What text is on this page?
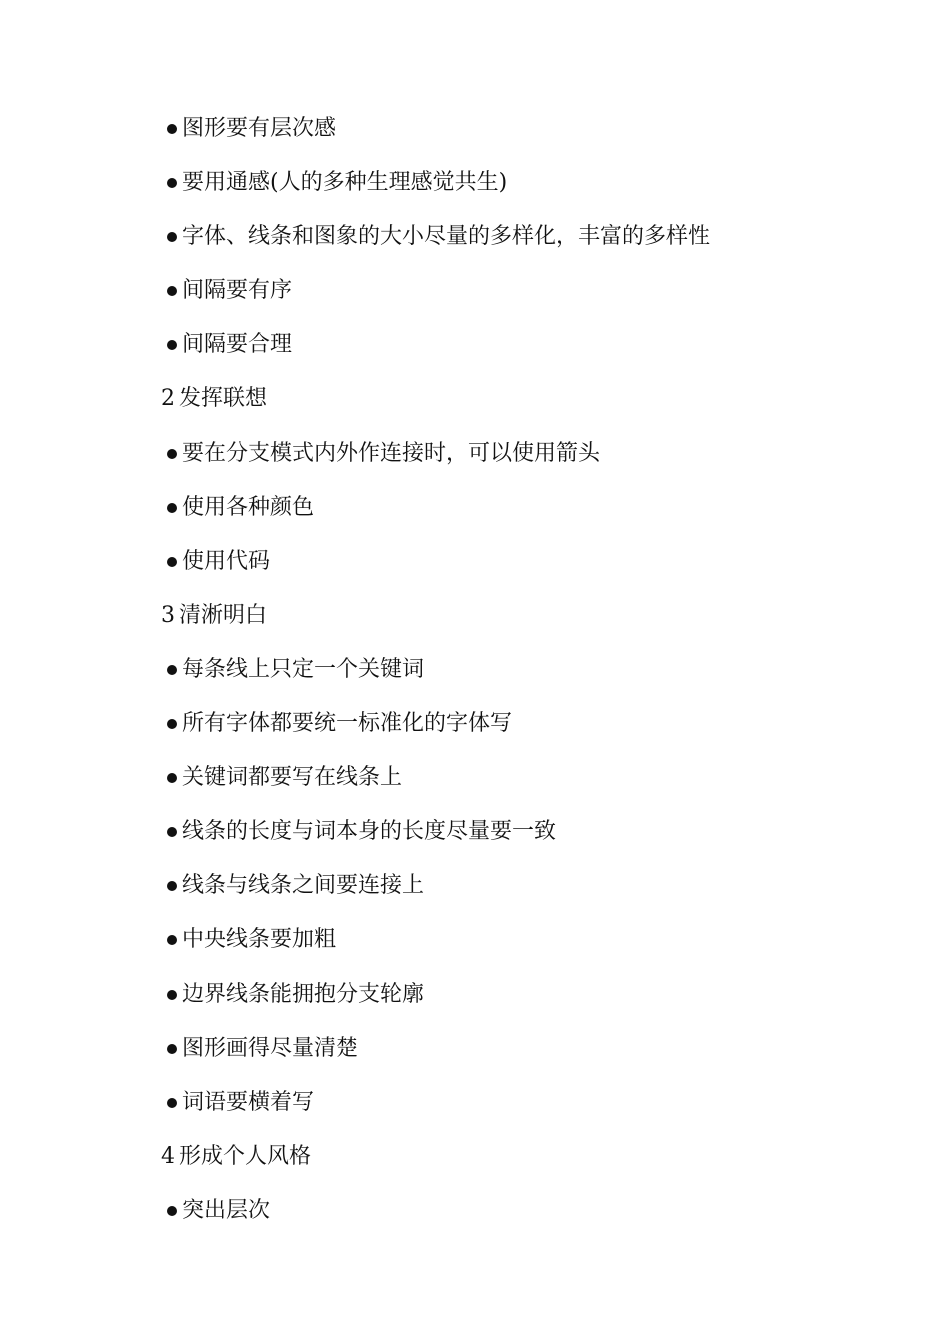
图形要有层次感
要用通感(人的多种生理感觉共生)
字体、线条和图象的大小尽量的多样化，丰富的多样性
间隔要有序
间隔要合理
2 发挥联想
要在分支模式内外作连接时，可以使用箭头
使用各种颜色
使用代码
3 清淅明白
每条线上只定一个关键词
所有字体都要统一标准化的字体写
关键词都要写在线条上
线条的长度与词本身的长度尽量要一致
线条与线条之间要连接上
中央线条要加粗
边界线条能拥抱分支轮廓
图形画得尽量清楚
词语要横着写
4 形成个人风格
突出层次
